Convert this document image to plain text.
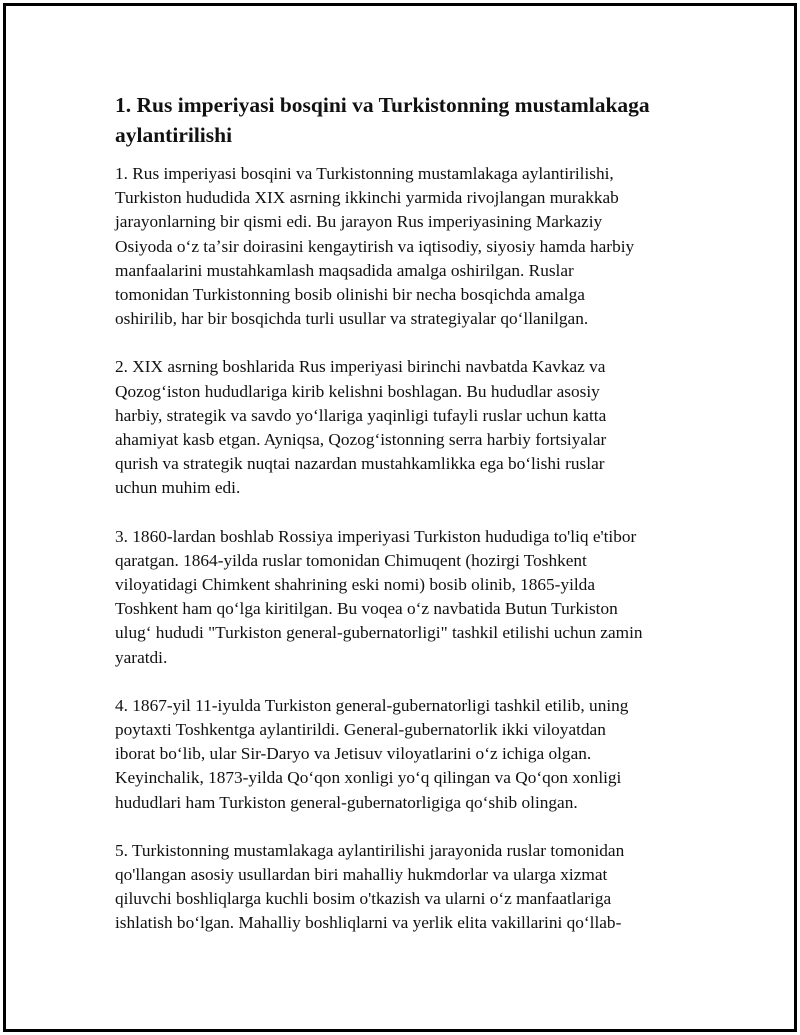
1. Rus imperiyasi bosqini va Turkistonning mustamlakaga
aylantirilishi

1. Rus imperiyasi bosqini va Turkistonning mustamlakaga aylantirilishi,
Turkiston hududida XIX asrning ikkinchi yarmida rivojlangan murakkab
jarayonlarning bir qismi edi. Bu jarayon Rus imperiyasining Markaziy
Osiyoda oʻz taʼsir doirasini kengaytirish va iqtisodiy, siyosiy hamda harbiy
manfaalarini mustahkamlash maqsadida amalga oshirilgan. Ruslar
tomonidan Turkistonning bosib olinishi bir necha bosqichda amalga
oshirilib, har bir bosqichda turli usullar va strategiyalar qoʻllanilgan.

2. XIX asrning boshlarida Rus imperiyasi birinchi navbatda Kavkaz va
Qozogʻiston hududlariga kirib kelishni boshlagan. Bu hududlar asosiy
harbiy, strategik va savdo yoʻllariga yaqinligi tufayli ruslar uchun katta
ahamiyat kasb etgan. Ayniqsa, Qozogʻistonning serra harbiy fortsiyalar
qurish va strategik nuqtai nazardan mustahkamlikka ega boʻlishi ruslar
uchun muhim edi.

3. 1860-lardan boshlab Rossiya imperiyasi Turkiston hududiga to'liq e'tibor
qaratgan. 1864-yilda ruslar tomonidan Chimuqent (hozirgi Toshkent
viloyatidagi Chimkent shahrining eski nomi) bosib olinib, 1865-yilda
Toshkent ham qoʻlga kiritilgan. Bu voqea oʻz navbatida Butun Turkiston
ulugʻ hududi "Turkiston general-gubernatorligi" tashkil etilishi uchun zamin
yaratdi.

4. 1867-yil 11-iyulda Turkiston general-gubernatorligi tashkil etilib, uning
poytaxti Toshkentga aylantirildi. General-gubernatorlik ikki viloyatdan
iborat boʻlib, ular Sir-Daryo va Jetisuv viloyatlarini oʻz ichiga olgan.
Keyinchalik, 1873-yilda Qoʻqon xonligi yoʻq qilingan va Qoʻqon xonligi
hududlari ham Turkiston general-gubernatorligiga qoʻshib olingan.

5. Turkistonning mustamlakaga aylantirilishi jarayonida ruslar tomonidan
qo'llangan asosiy usullardan biri mahalliy hukmdorlar va ularga xizmat
qiluvchi boshliqlarga kuchli bosim o'tkazish va ularni oʻz manfaatlariga
ishlatish boʻlgan. Mahalliy boshliqlarni va yerlik elita vakillarini qoʻllab-
